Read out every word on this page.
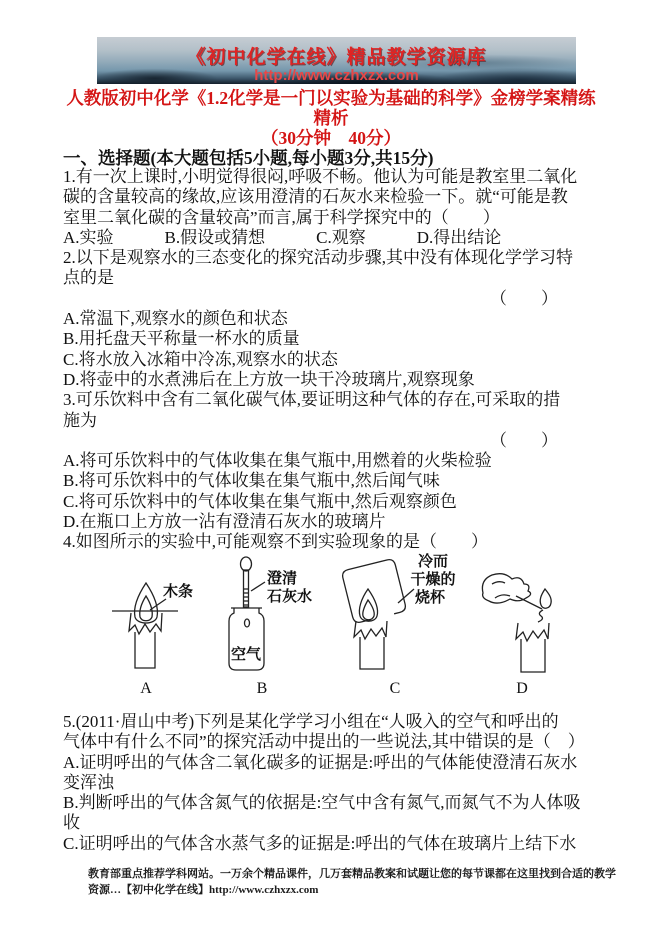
《初中化学在线》精品教学资源库
http://www.czhxzx.com
人教版初中化学《1.2化学是一门以实验为基础的科学》金榜学案精练
精析
（30分钟　40分）
一、选择题(本大题包括5小题,每小题3分,共15分)
1.有一次上课时,小明觉得很闷,呼吸不畅。他认为可能是教室里二氧化
碳的含量较高的缘故,应该用澄清的石灰水来检验一下。就“可能是教
室里二氧化碳的含量较高”而言,属于科学探究中的（　　）
A.实验　　　B.假设或猜想　　　C.观察　　　D.得出结论
2.以下是观察水的三态变化的探究活动步骤,其中没有体现化学学习特
点的是
（　　）
A.常温下,观察水的颜色和状态
B.用托盘天平称量一杯水的质量
C.将水放入冰箱中冷冻,观察水的状态
D.将壶中的水煮沸后在上方放一块干冷玻璃片,观察现象
3.可乐饮料中含有二氧化碳气体,要证明这种气体的存在,可采取的措
施为
（　　）
A.将可乐饮料中的气体收集在集气瓶中,用燃着的火柴检验
B.将可乐饮料中的气体收集在集气瓶中,然后闻气味
C.将可乐饮料中的气体收集在集气瓶中,然后观察颜色
D.在瓶口上方放一沾有澄清石灰水的玻璃片
4.如图所示的实验中,可能观察不到实验现象的是（　　）
木条
A
空气
澄清
石灰水
B
冷而
干燥的
烧杯
C	D
5.(2011·眉山中考)下列是某化学学习小组在“人吸入的空气和呼出的
气体中有什么不同”的探究活动中提出的一些说法,其中错误的是（　）
A.证明呼出的气体含二氧化碳多的证据是:呼出的气体能使澄清石灰水
变浑浊
B.判断呼出的气体含氮气的依据是:空气中含有氮气,而氮气不为人体吸
收
C.证明呼出的气体含水蒸气多的证据是:呼出的气体在玻璃片上结下水
教育部重点推荐学科网站。一万余个精品课件，几万套精品教案和试题让您的每节课都在这里找到合适的教学
资源…【初中化学在线】http://www.czhxzx.com
